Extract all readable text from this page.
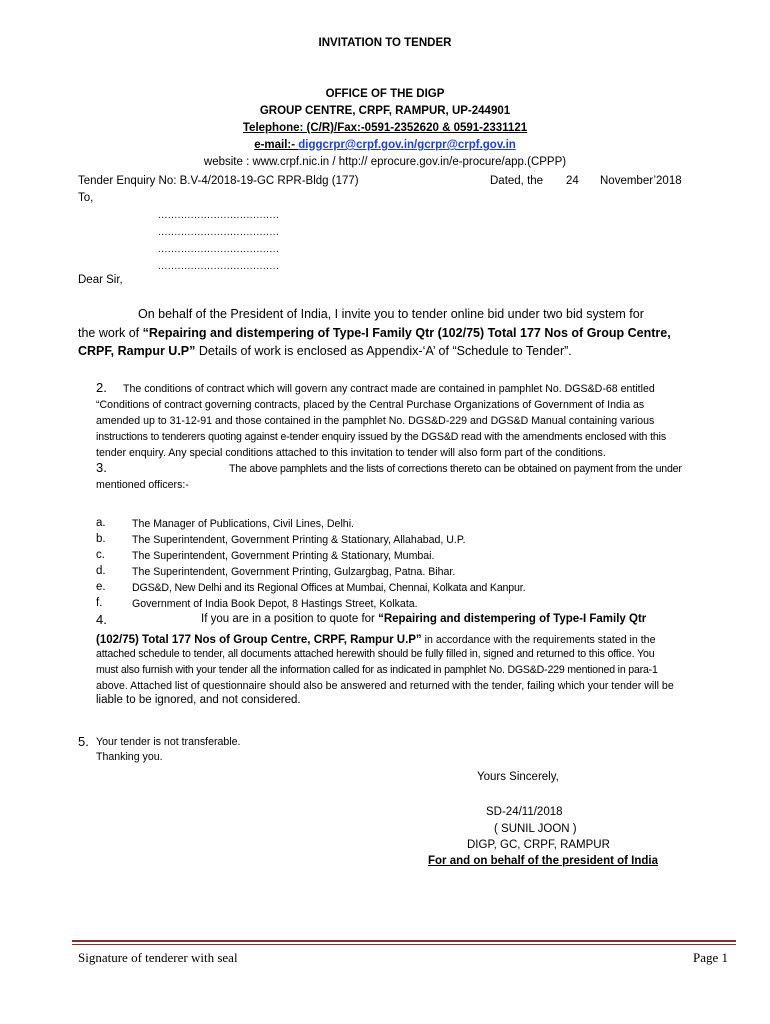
INVITATION TO TENDER
OFFICE OF THE DIGP
GROUP CENTRE, CRPF, RAMPUR, UP-244901
Telephone: (C/R)/Fax:-0591-2352620 & 0591-2331121
e-mail:- diggcrpr@crpf.gov.in/gcrpr@crpf.gov.in
website : www.crpf.nic.in / http:// eprocure.gov.in/e-procure/app.(CPPP)
Tender Enquiry No: B.V-4/2018-19-GC RPR-Bldg (177)	Dated, the 24 November’2018
To,
.....................................
.....................................
.....................................
.....................................
Dear Sir,
On behalf of the President of India, I invite you to tender online bid under two bid system for
the work of “Repairing and distempering of Type-I Family Qtr (102/75) Total 177 Nos of Group Centre,
CRPF, Rampur U.P” Details of work is enclosed as Appendix-‘A’ of “Schedule to Tender”.
2. The conditions of contract which will govern any contract made are contained in pamphlet No. DGS&D-68 entitled
“Conditions of contract governing contracts, placed by the Central Purchase Organizations of Government of India as
amended up to 31-12-91 and those contained in the pamphlet No. DGS&D-229 and DGS&D Manual containing various
instructions to tenderers quoting against e-tender enquiry issued by the DGS&D read with the amendments enclosed with this
tender enquiry. Any special conditions attached to this invitation to tender will also form part of the conditions.
3.	The above pamphlets and the lists of corrections thereto can be obtained on payment from the under
mentioned officers:-
a. The Manager of Publications, Civil Lines, Delhi.
b. The Superintendent, Government Printing & Stationary, Allahabad, U.P.
c.	The Superintendent, Government Printing & Stationary, Mumbai.
d. The Superintendent, Government Printing, Gulzargbag, Patna. Bihar.
e. DGS&D, New Delhi and its Regional Offices at Mumbai, Chennai, Kolkata and Kanpur.
f.	Government of India Book Depot, 8 Hastings Street, Kolkata.
4.	If you are in a position to quote for “Repairing and distempering of Type-I Family Qtr
(102/75) Total 177 Nos of Group Centre, CRPF, Rampur U.P” in accordance with the requirements stated in the
attached schedule to tender, all documents attached herewith should be fully filled in, signed and returned to this office. You
must also furnish with your tender all the information called for as indicated in pamphlet No. DGS&D-229 mentioned in para-1
above. Attached list of questionnaire should also be answered and returned with the tender, failing which your tender will be
liable to be ignored, and not considered.
5. Your tender is not transferable.
Thanking you.
Yours Sincerely,
SD-24/11/2018
( SUNIL JOON )
DIGP, GC, CRPF, RAMPUR
For and on behalf of the president of India
Signature of tenderer with seal	Page 1
